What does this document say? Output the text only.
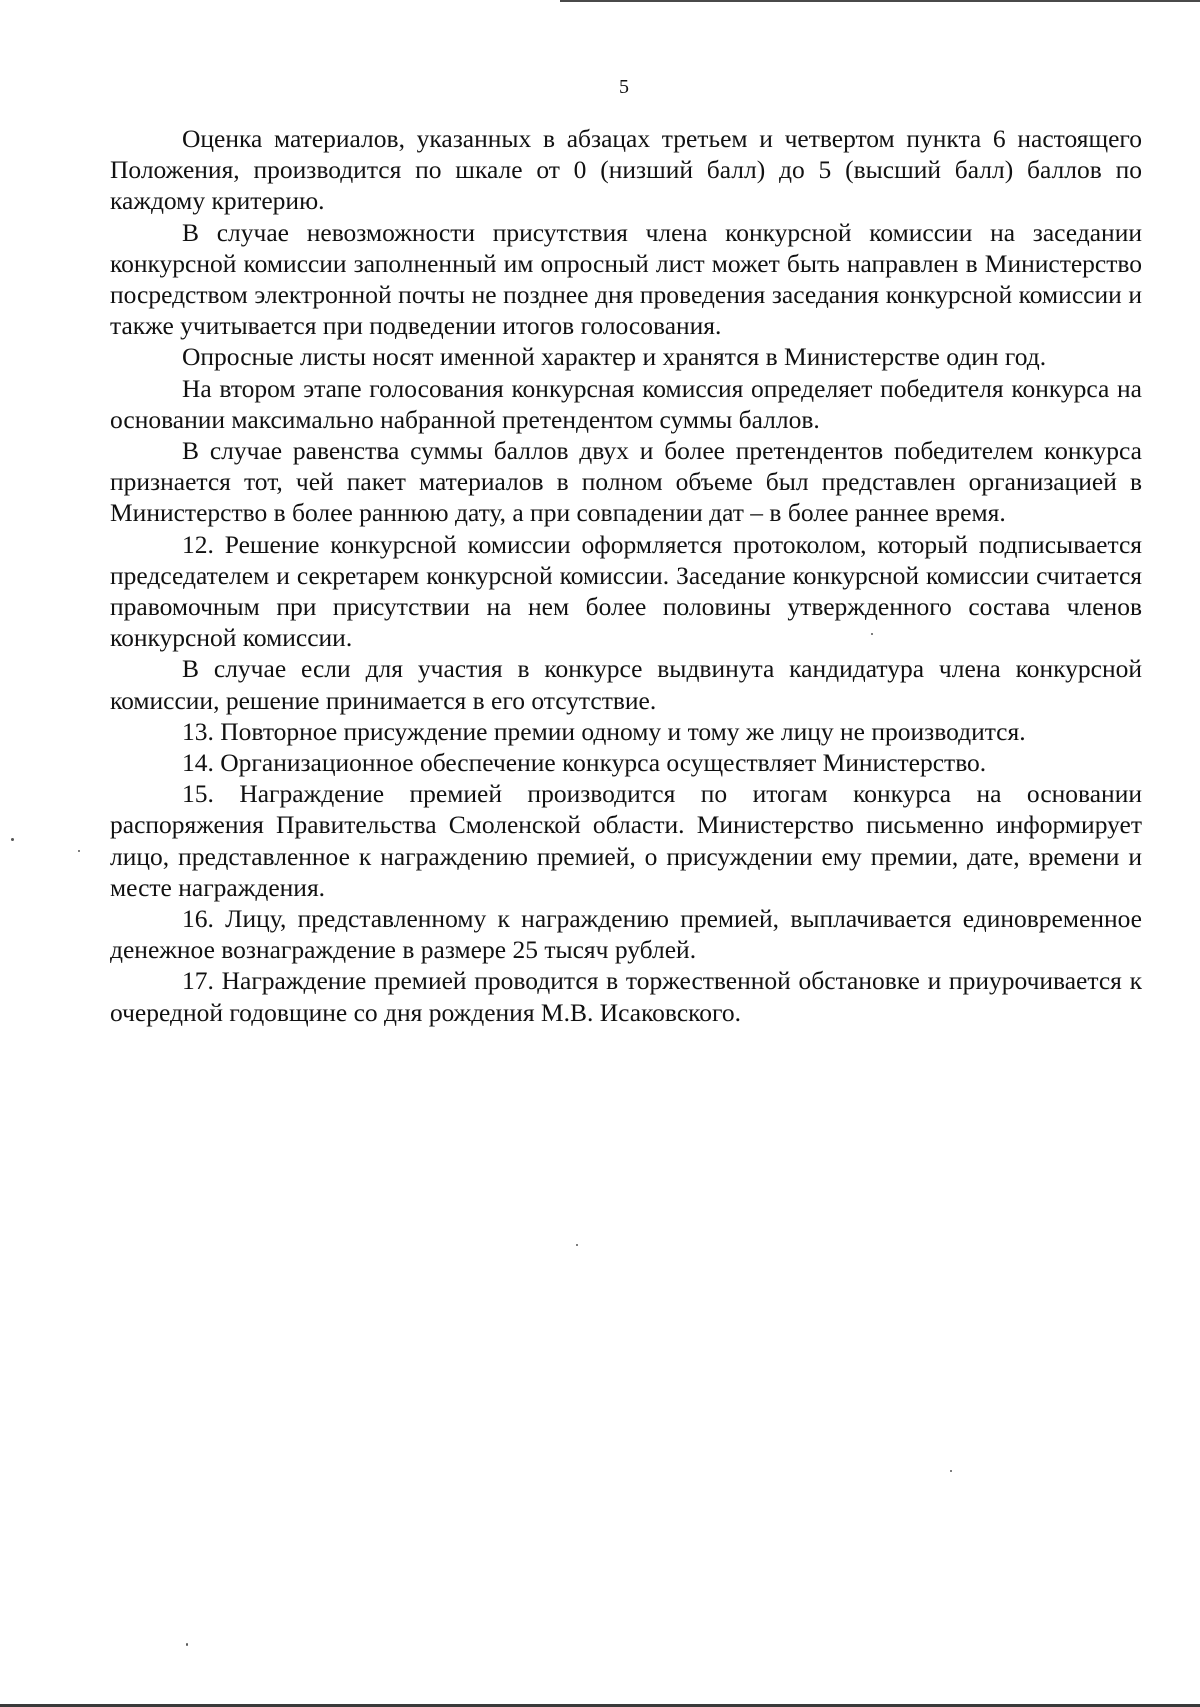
5

Оценка материалов, указанных в абзацах третьем и четвертом пункта 6 настоящего Положения, производится по шкале от 0 (низший балл) до 5 (высший балл) баллов по каждому критерию.

В случае невозможности присутствия члена конкурсной комиссии на заседании конкурсной комиссии заполненный им опросный лист может быть направлен в Министерство посредством электронной почты не позднее дня проведения заседания конкурсной комиссии и также учитывается при подведении итогов голосования.

Опросные листы носят именной характер и хранятся в Министерстве один год.

На втором этапе голосования конкурсная комиссия определяет победителя конкурса на основании максимально набранной претендентом суммы баллов.

В случае равенства суммы баллов двух и более претендентов победителем конкурса признается тот, чей пакет материалов в полном объеме был представлен организацией в Министерство в более раннюю дату, а при совпадении дат – в более раннее время.

12. Решение конкурсной комиссии оформляется протоколом, который подписывается председателем и секретарем конкурсной комиссии. Заседание конкурсной комиссии считается правомочным при присутствии на нем более половины утвержденного состава членов конкурсной комиссии.

В случае если для участия в конкурсе выдвинута кандидатура члена конкурсной комиссии, решение принимается в его отсутствие.

13. Повторное присуждение премии одному и тому же лицу не производится.

14. Организационное обеспечение конкурса осуществляет Министерство.

15. Награждение премией производится по итогам конкурса на основании распоряжения Правительства Смоленской области. Министерство письменно информирует лицо, представленное к награждению премией, о присуждении ему премии, дате, времени и месте награждения.

16. Лицу, представленному к награждению премией, выплачивается единовременное денежное вознаграждение в размере 25 тысяч рублей.

17. Награждение премией проводится в торжественной обстановке и приурочивается к очередной годовщине со дня рождения М.В. Исаковского.
